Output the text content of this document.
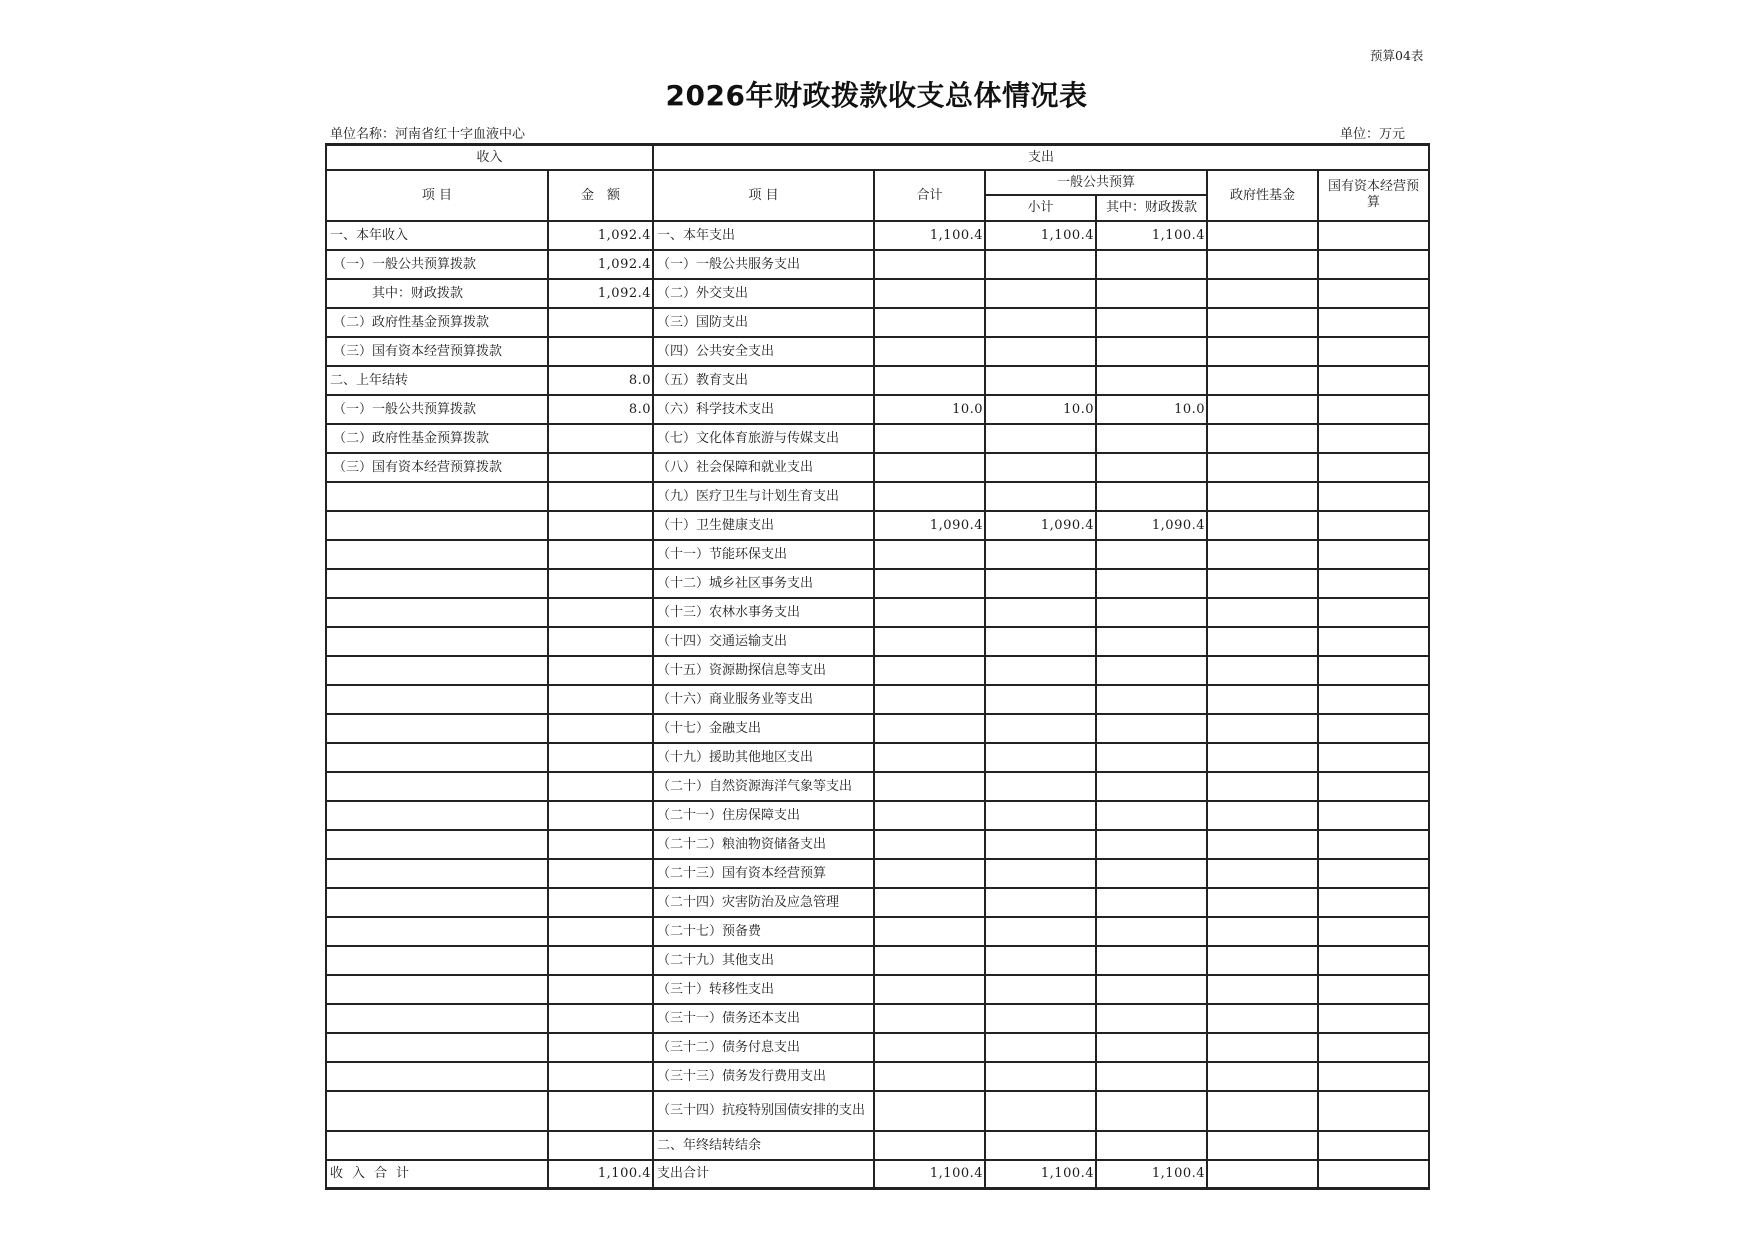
预算04表
2026年财政拨款收支总体情况表
单位名称：河南省红十字血液中心	单位：万元
收入		支出					
项 目	金　额	项 目	合计	一般公共预算		政府性基金	国有资本经营预算
				小计	其中：财政拨款		
一、本年收入	1,092.4	一、本年支出	1,100.4	1,100.4	1,100.4		
（一）一般公共预算拨款	1,092.4	（一）一般公共服务支出					
其中：财政拨款	1,092.4	（二）外交支出					
（二）政府性基金预算拨款		（三）国防支出					
（三）国有资本经营预算拨款		（四）公共安全支出					
二、上年结转	8.0	（五）教育支出					
（一）一般公共预算拨款	8.0	（六）科学技术支出	10.0	10.0	10.0		
（二）政府性基金预算拨款		（七）文化体育旅游与传媒支出					
（三）国有资本经营预算拨款		（八）社会保障和就业支出					
		（九）医疗卫生与计划生育支出					
		（十）卫生健康支出	1,090.4	1,090.4	1,090.4		
		（十一）节能环保支出					
		（十二）城乡社区事务支出					
		（十三）农林水事务支出					
		（十四）交通运输支出					
		（十五）资源勘探信息等支出					
		（十六）商业服务业等支出					
		（十七）金融支出					
		（十九）援助其他地区支出					
		（二十）自然资源海洋气象等支出					
		（二十一）住房保障支出					
		（二十二）粮油物资储备支出					
		（二十三）国有资本经营预算					
		（二十四）灾害防治及应急管理					
		（二十七）预备费					
		（二十九）其他支出					
		（三十）转移性支出					
		（三十一）债务还本支出					
		（三十二）债务付息支出					
		（三十三）债务发行费用支出					
		（三十四）抗疫特别国债安排的支出					
		二、年终结转结余					
收入合计	1,100.4	支出合计	1,100.4	1,100.4	1,100.4		
